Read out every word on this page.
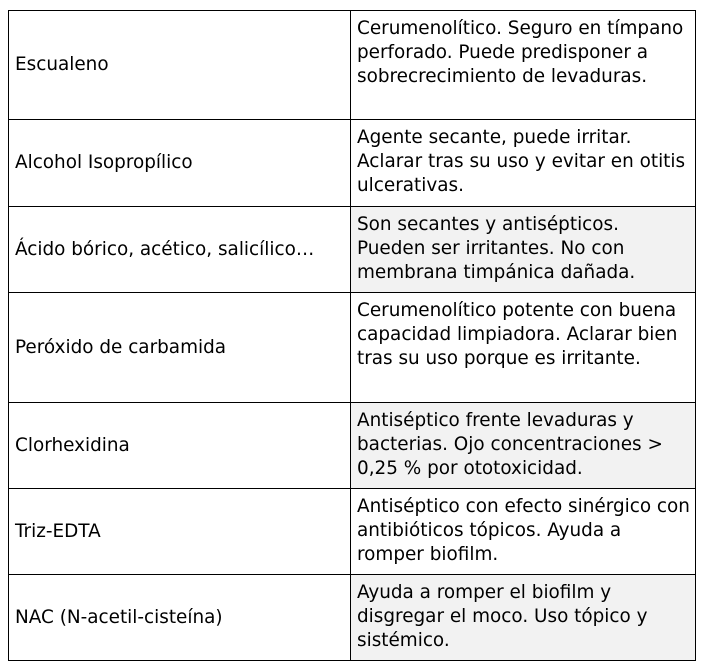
Escualeno
Cerumenolítico. Seguro en tímpano perforado. Puede predisponer a sobrecrecimiento de levaduras.
Alcohol Isopropílico
Agente secante, puede irritar. Aclarar tras su uso y evitar en otitis ulcerativas.
Ácido bórico, acético, salicílico…
Son secantes y antisépticos. Pueden ser irritantes. No con membrana timpánica dañada.
Peróxido de carbamida
Cerumenolítico potente con buena capacidad limpiadora. Aclarar bien tras su uso porque es irritante.
Clorhexidina
Antiséptico frente levaduras y bacterias. Ojo concentraciones > 0,25 % por ototoxicidad.
Triz-EDTA
Antiséptico con efecto sinérgico con antibióticos tópicos. Ayuda a romper biofilm.
NAC (N-acetil-cisteína)
Ayuda a romper el biofilm y disgregar el moco. Uso tópico y sistémico.
